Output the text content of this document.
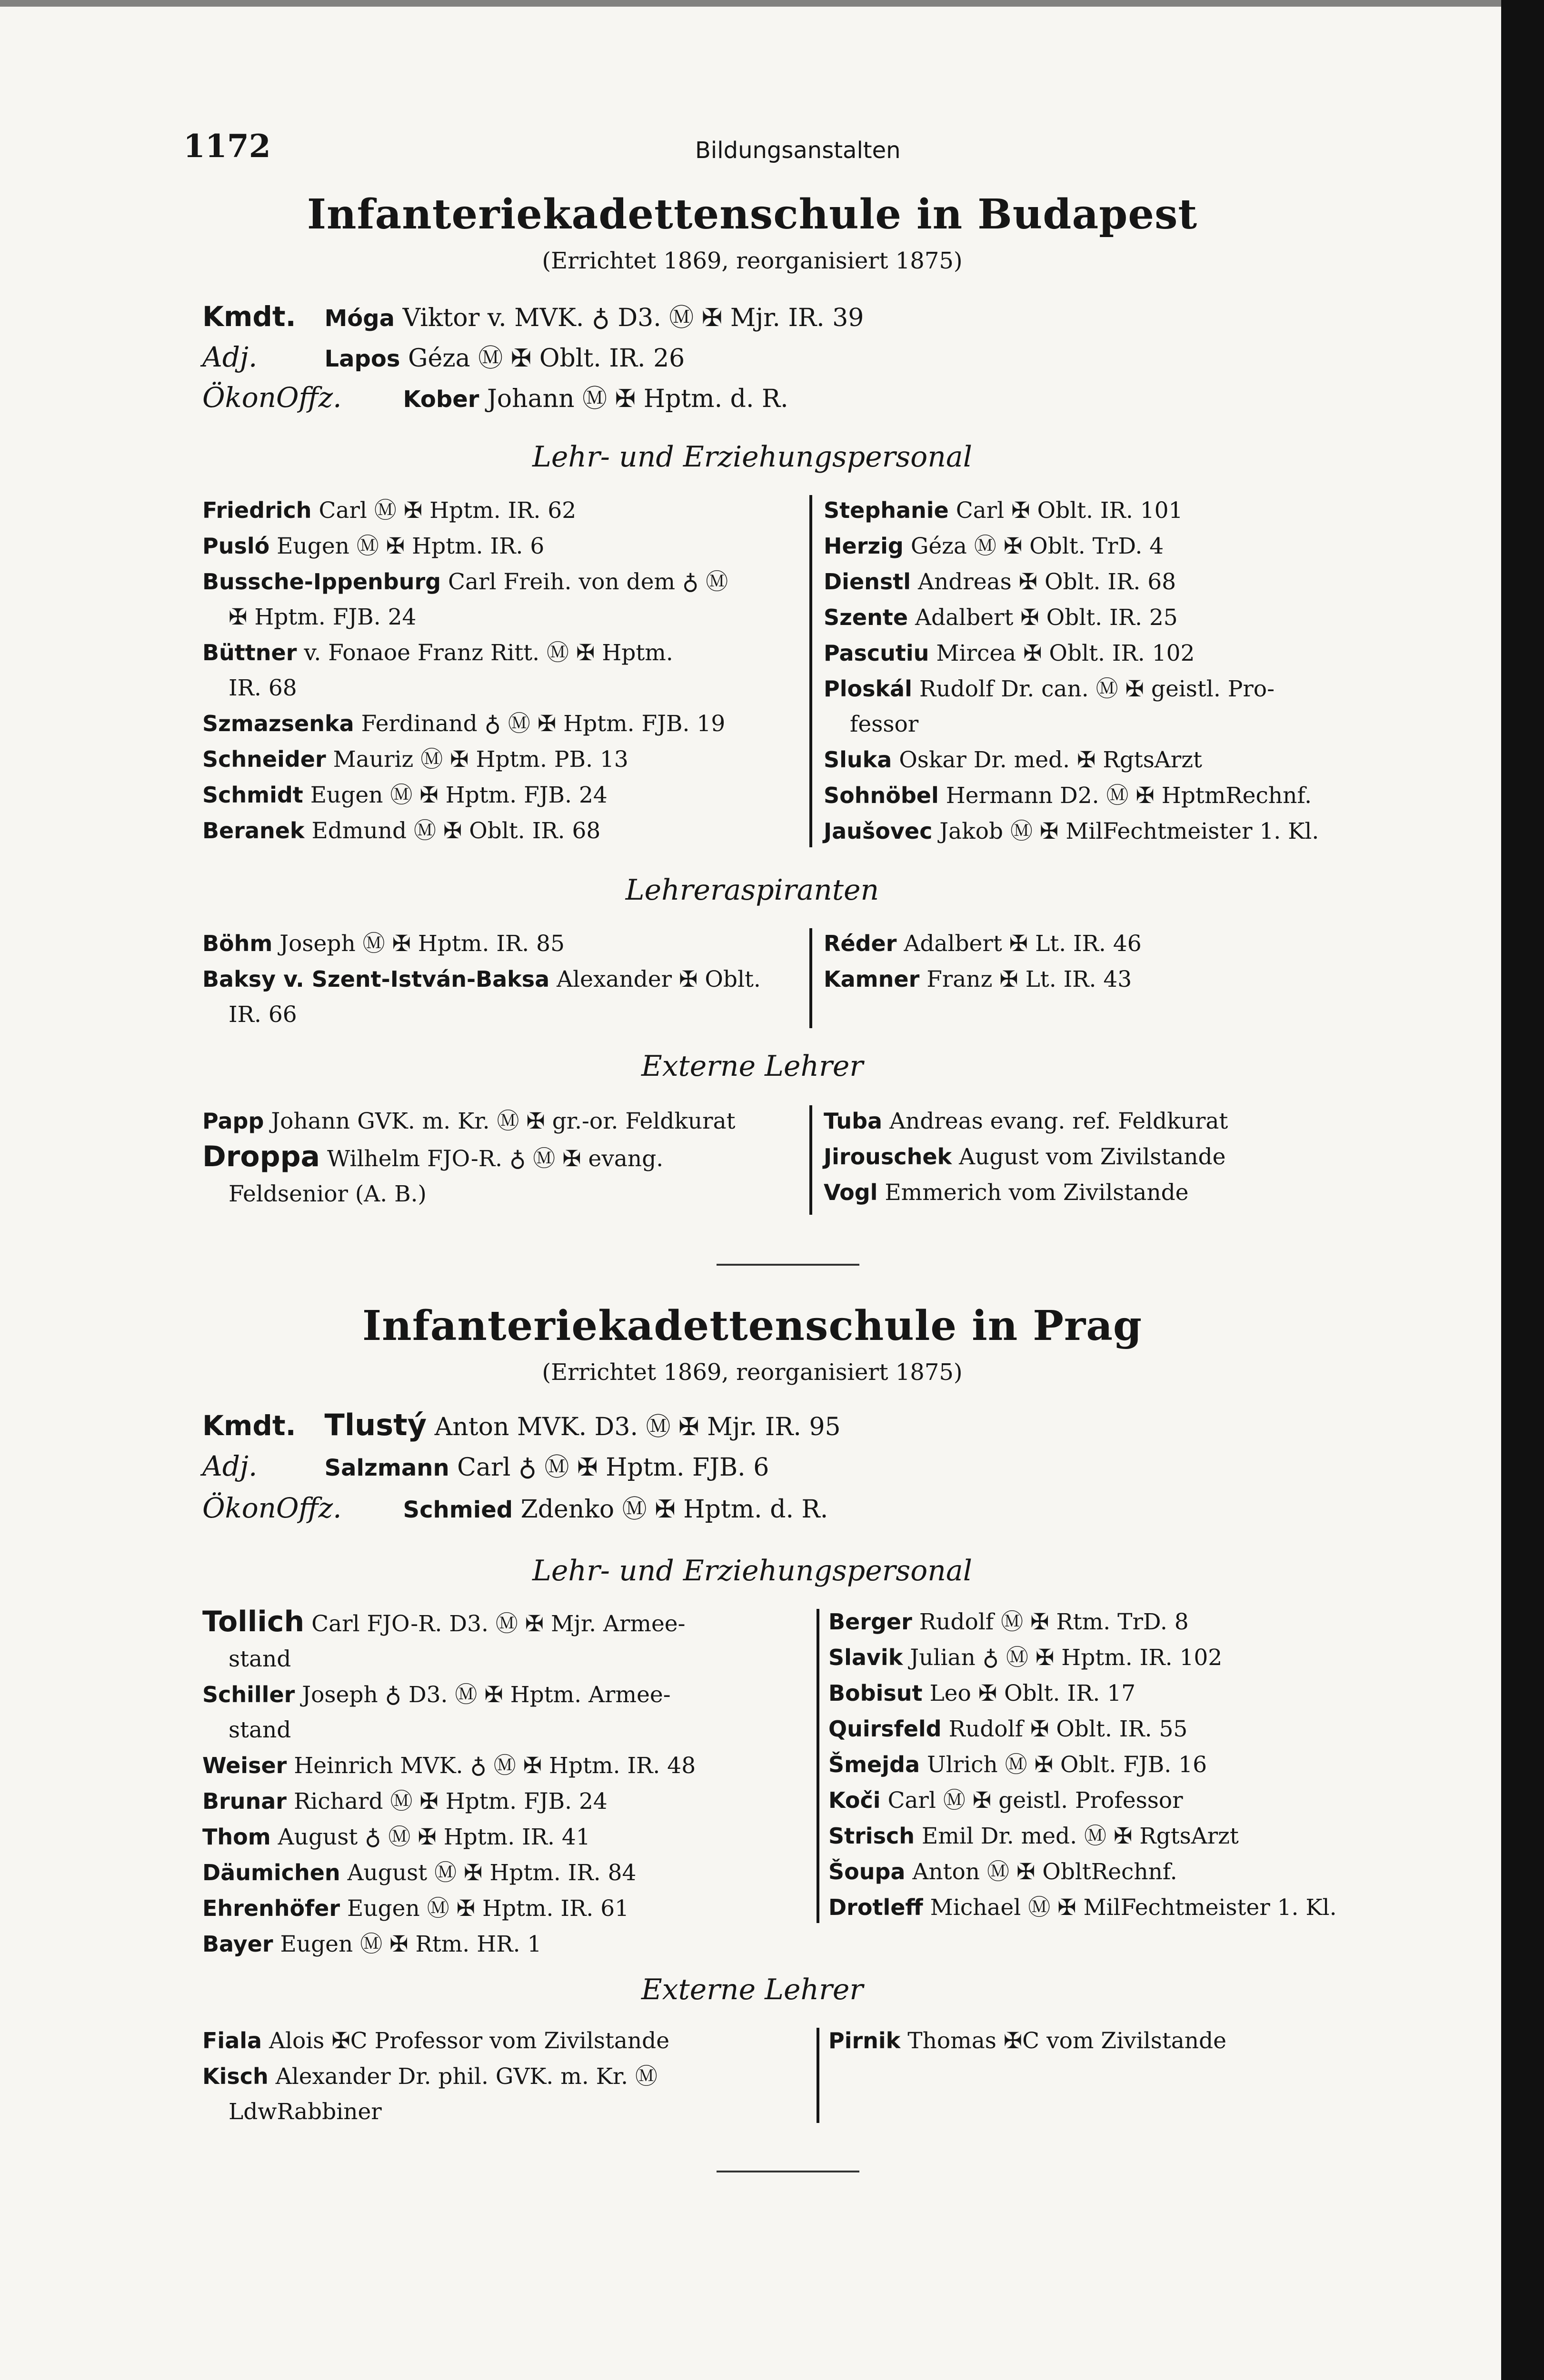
1172	Bildungsanstalten
Infanteriekadettenschule in Budapest
(Errichtet 1869, reorganisiert 1875)
Kmdt. Móga Viktor v. MVK. ♁ D3. Ⓜ ✠ Mjr. IR. 39
Adj.	Lapos Géza Ⓜ ✠ Oblt. IR. 26
ÖkonOffz.	Kober Johann Ⓜ ✠ Hptm. d. R.
Lehr- und Erziehungspersonal
Friedrich Carl Ⓜ ✠ Hptm. IR. 62
Pusló Eugen Ⓜ ✠ Hptm. IR. 6
Bussche-Ippenburg Carl Freih. von dem ♁ Ⓜ
✠ Hptm. FJB. 24
Büttner v. Fonaoe Franz Ritt. Ⓜ ✠ Hptm.
IR. 68
Szmazsenka Ferdinand ♁ Ⓜ ✠ Hptm. FJB. 19
Schneider Mauriz Ⓜ ✠ Hptm. PB. 13
Schmidt Eugen Ⓜ ✠ Hptm. FJB. 24
Beranek Edmund Ⓜ ✠ Oblt. IR. 68
Stephanie Carl ✠ Oblt. IR. 101
Herzig Géza Ⓜ ✠ Oblt. TrD. 4
Dienstl Andreas ✠ Oblt. IR. 68
Szente Adalbert ✠ Oblt. IR. 25
Pascutiu Mircea ✠ Oblt. IR. 102
Ploskál Rudolf Dr. can. Ⓜ ✠ geistl. Pro-
fessor
Sluka Oskar Dr. med. ✠ RgtsArzt
Sohnöbel Hermann D2. Ⓜ ✠ HptmRechnf.
Jaušovec Jakob Ⓜ ✠ MilFechtmeister 1. Kl.
Lehreraspiranten
Böhm Joseph Ⓜ ✠ Hptm. IR. 85
Baksy v. Szent-István-Baksa Alexander ✠ Oblt.
IR. 66
Réder Adalbert ✠ Lt. IR. 46
Kamner Franz ✠ Lt. IR. 43
Externe Lehrer
Papp Johann GVK. m. Kr. Ⓜ ✠ gr.-or. Feldkurat
Droppa Wilhelm FJO-R. ♁ Ⓜ ✠ evang.
Feldsenior (A. B.)
Tuba Andreas evang. ref. Feldkurat
Jirouschek August vom Zivilstande
Vogl Emmerich vom Zivilstande
Infanteriekadettenschule in Prag
(Errichtet 1869, reorganisiert 1875)
Kmdt. Tlustý Anton MVK. D3. Ⓜ ✠ Mjr. IR. 95
Adj.	Salzmann Carl ♁ Ⓜ ✠ Hptm. FJB. 6
ÖkonOffz.	Schmied Zdenko Ⓜ ✠ Hptm. d. R.
Lehr- und Erziehungspersonal
Tollich Carl FJO-R. D3. Ⓜ ✠ Mjr. Armee-
stand
Schiller Joseph ♁ D3. Ⓜ ✠ Hptm. Armee-
stand
Weiser Heinrich MVK. ♁ Ⓜ ✠ Hptm. IR. 48
Brunar Richard Ⓜ ✠ Hptm. FJB. 24
Thom August ♁ Ⓜ ✠ Hptm. IR. 41
Däumichen August Ⓜ ✠ Hptm. IR. 84
Ehrenhöfer Eugen Ⓜ ✠ Hptm. IR. 61
Bayer Eugen Ⓜ ✠ Rtm. HR. 1
Berger Rudolf Ⓜ ✠ Rtm. TrD. 8
Slavik Julian ♁ Ⓜ ✠ Hptm. IR. 102
Bobisut Leo ✠ Oblt. IR. 17
Quirsfeld Rudolf ✠ Oblt. IR. 55
Šmejda Ulrich Ⓜ ✠ Oblt. FJB. 16
Koči Carl Ⓜ ✠ geistl. Professor
Strisch Emil Dr. med. Ⓜ ✠ RgtsArzt
Šoupa Anton Ⓜ ✠ ObltRechnf.
Drotleff Michael Ⓜ ✠ MilFechtmeister 1. Kl.
Externe Lehrer
Fiala Alois ✠C Professor vom Zivilstande
Kisch Alexander Dr. phil. GVK. m. Kr. Ⓜ
LdwRabbiner
Pirnik Thomas ✠C vom Zivilstande
